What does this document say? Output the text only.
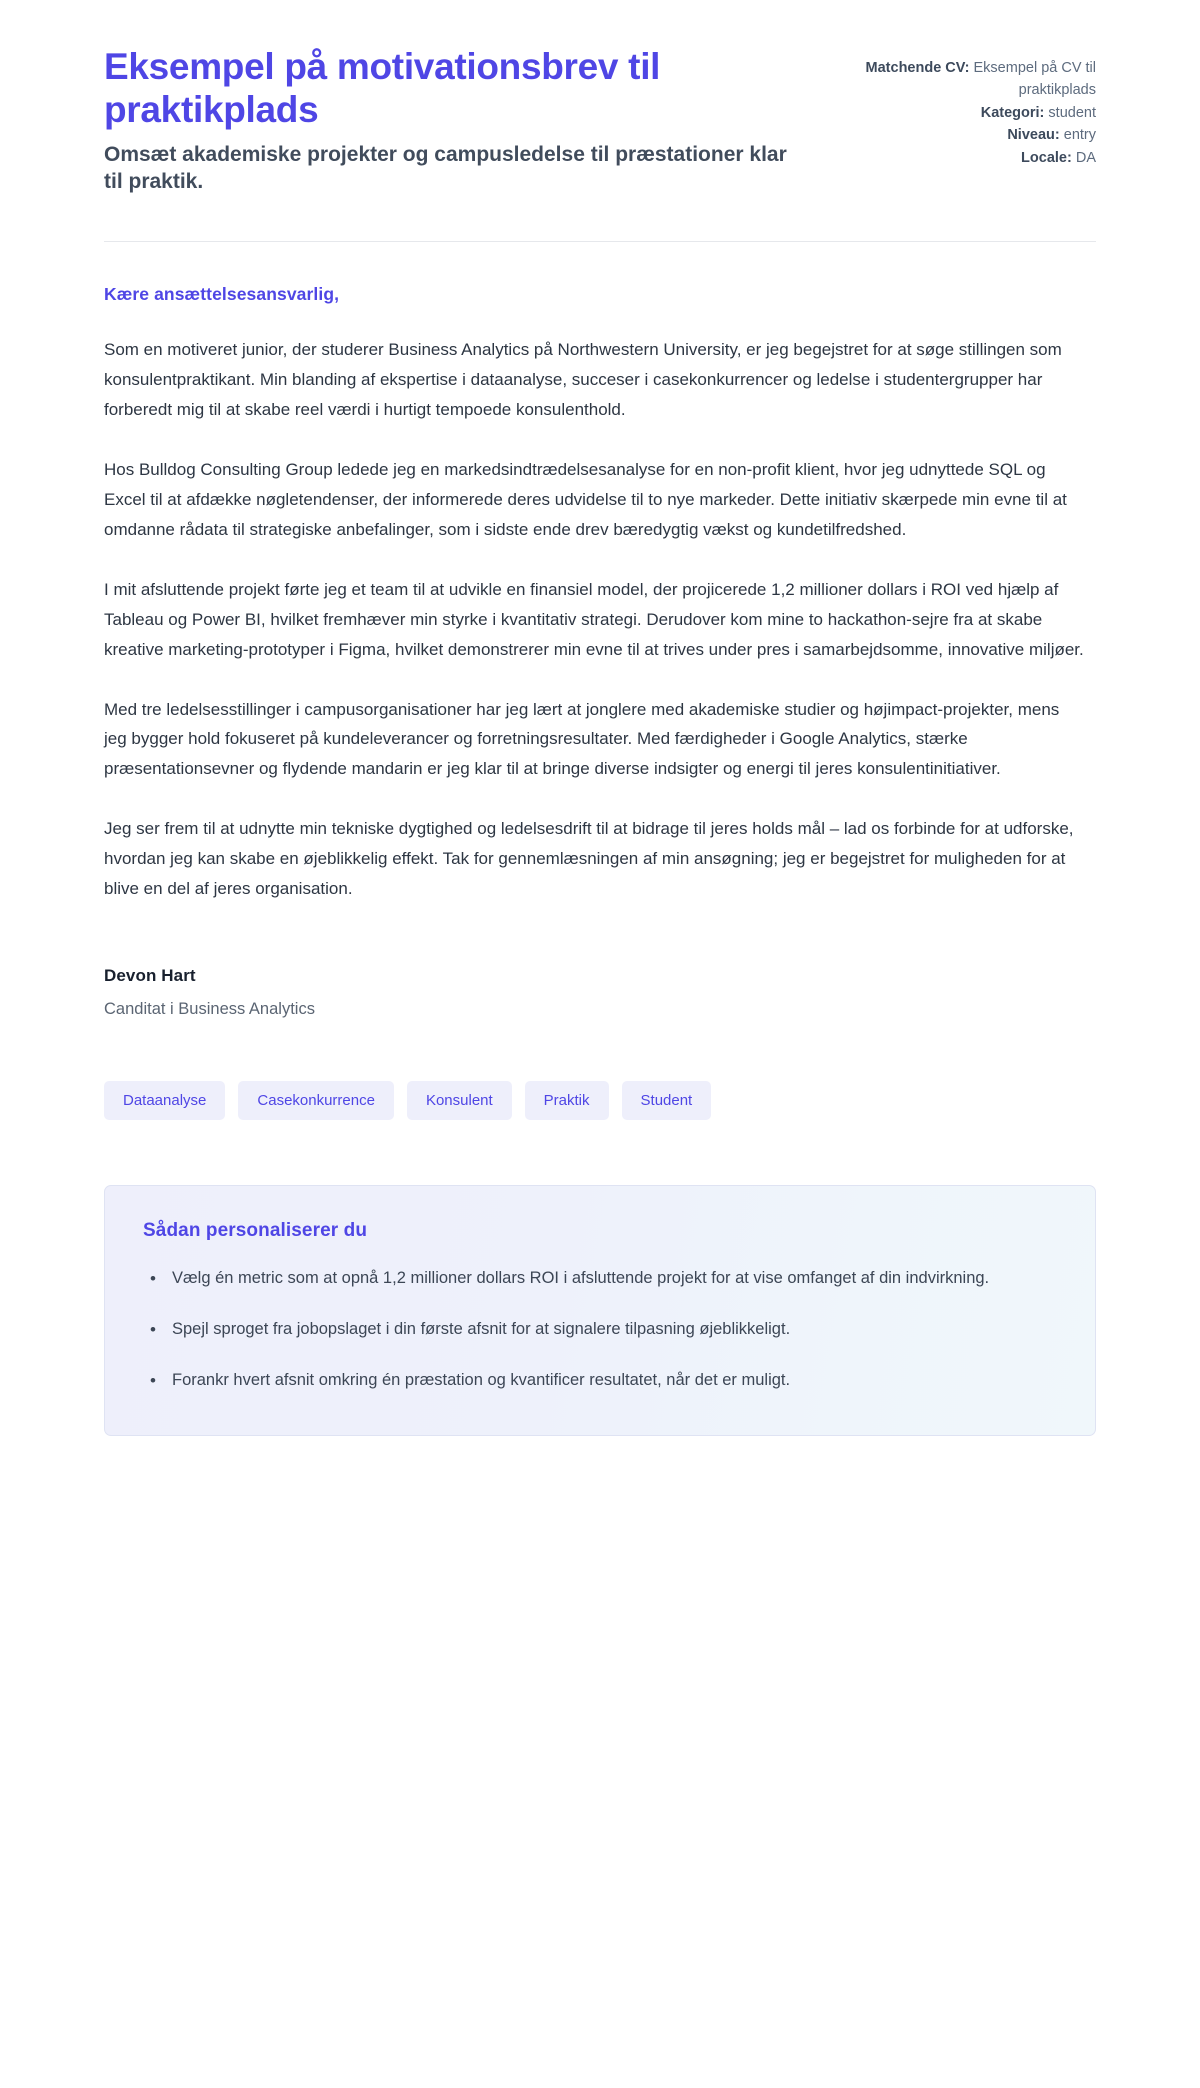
Eksempel på motivationsbrev til praktikplads

Omsæt akademiske projekter og campusledelse til præstationer klar til praktik.

Matchende CV: Eksempel på CV til praktikplads
Kategori: student
Niveau: entry
Locale: DA

Kære ansættelsesansvarlig,

Som en motiveret junior, der studerer Business Analytics på Northwestern University, er jeg begejstret for at søge stillingen som konsulentpraktikant. Min blanding af ekspertise i dataanalyse, succeser i casekonkurrencer og ledelse i studentergrupper har forberedt mig til at skabe reel værdi i hurtigt tempoede konsulenthold.

Hos Bulldog Consulting Group ledede jeg en markedsindtrædelsesanalyse for en non-profit klient, hvor jeg udnyttede SQL og Excel til at afdække nøgletendenser, der informerede deres udvidelse til to nye markeder. Dette initiativ skærpede min evne til at omdanne rådata til strategiske anbefalinger, som i sidste ende drev bæredygtig vækst og kundetilfredshed.

I mit afsluttende projekt førte jeg et team til at udvikle en finansiel model, der projicerede 1,2 millioner dollars i ROI ved hjælp af Tableau og Power BI, hvilket fremhæver min styrke i kvantitativ strategi. Derudover kom mine to hackathon-sejre fra at skabe kreative marketing-prototyper i Figma, hvilket demonstrerer min evne til at trives under pres i samarbejdsomme, innovative miljøer.

Med tre ledelsesstillinger i campusorganisationer har jeg lært at jonglere med akademiske studier og højimpact-projekter, mens jeg bygger hold fokuseret på kundeleverancer og forretningsresultater. Med færdigheder i Google Analytics, stærke præsentationsevner og flydende mandarin er jeg klar til at bringe diverse indsigter og energi til jeres konsulentinitiativer.

Jeg ser frem til at udnytte min tekniske dygtighed og ledelsesdrift til at bidrage til jeres holds mål – lad os forbinde for at udforske, hvordan jeg kan skabe en øjeblikkelig effekt. Tak for gennemlæsningen af min ansøgning; jeg er begejstret for muligheden for at blive en del af jeres organisation.

Devon Hart

Canditat i Business Analytics

Dataanalyse	Casekonkurrence	Konsulent	Praktik	Student

Sådan personaliserer du

• Vælg én metric som at opnå 1,2 millioner dollars ROI i afsluttende projekt for at vise omfanget af din indvirkning.
• Spejl sproget fra jobopslaget i din første afsnit for at signalere tilpasning øjeblikkeligt.
• Forankr hvert afsnit omkring én præstation og kvantificer resultatet, når det er muligt.
